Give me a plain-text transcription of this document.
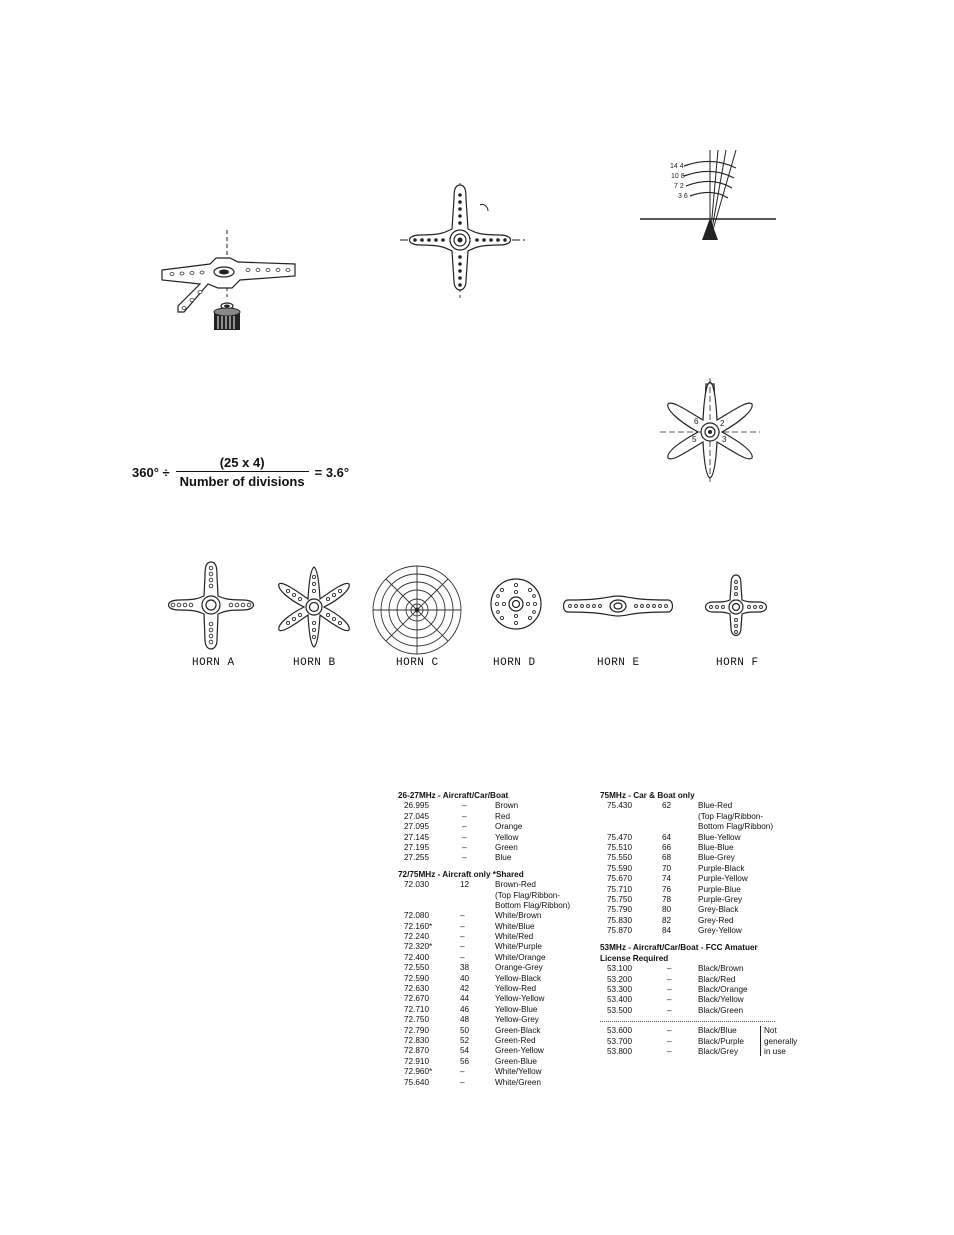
14 4
10 8
7 2
3 6
6	2
5	3
$360^\circ \div \frac{(25 x 4)}{\text{Number of divisions}} = 3.6^\circ$
HORN A	HORN B	HORN C	HORN D	HORN E	HORN F
26-27MHz - Aircraft/Car/Boat
26.995	–	Brown
27.045	–	Red
27.095	–	Orange
27.145	–	Yellow
27.195	–	Green
27.255	–	Blue
72/75MHz - Aircraft only *Shared
72.030	12	Brown-Red
(Top Flag/Ribbon-
Bottom Flag/Ribbon)
72.080	–	White/Brown
72.160*	–	White/Blue
72.240	–	White/Red
72.320*	–	White/Purple
72.400	–	White/Orange
72.550	38	Orange-Grey
72.590	40	Yellow-Black
72.630	42	Yellow-Red
72.670	44	Yellow-Yellow
72.710	46	Yellow-Blue
72.750	48	Yellow-Grey
72.790	50	Green-Black
72.830	52	Green-Red
72.870	54	Green-Yellow
72.910	56	Green-Blue
72.960*	–	White/Yellow
75.640	–	White/Green
75MHz - Car & Boat only
75.430	62	Blue-Red
(Top Flag/Ribbon-
Bottom Flag/Ribbon)
75.470	64	Blue-Yellow
75.510	66	Blue-Blue
75.550	68	Blue-Grey
75.590	70	Purple-Black
75.670	74	Purple-Yellow
75.710	76	Purple-Blue
75.750	78	Purple-Grey
75.790	80	Grey-Black
75.830	82	Grey-Red
75.870	84	Grey-Yellow
53MHz - Aircraft/Car/Boat - FCC Amatuer
License Required
53.100	–	Black/Brown
53.200	–	Black/Red
53.300	–	Black/Orange
53.400	–	Black/Yellow
53.500	–	Black/Green
53.600	–	Black/Blue
53.700	–	Black/Purple
53.800	–	Black/Grey
Not
generally
in use
